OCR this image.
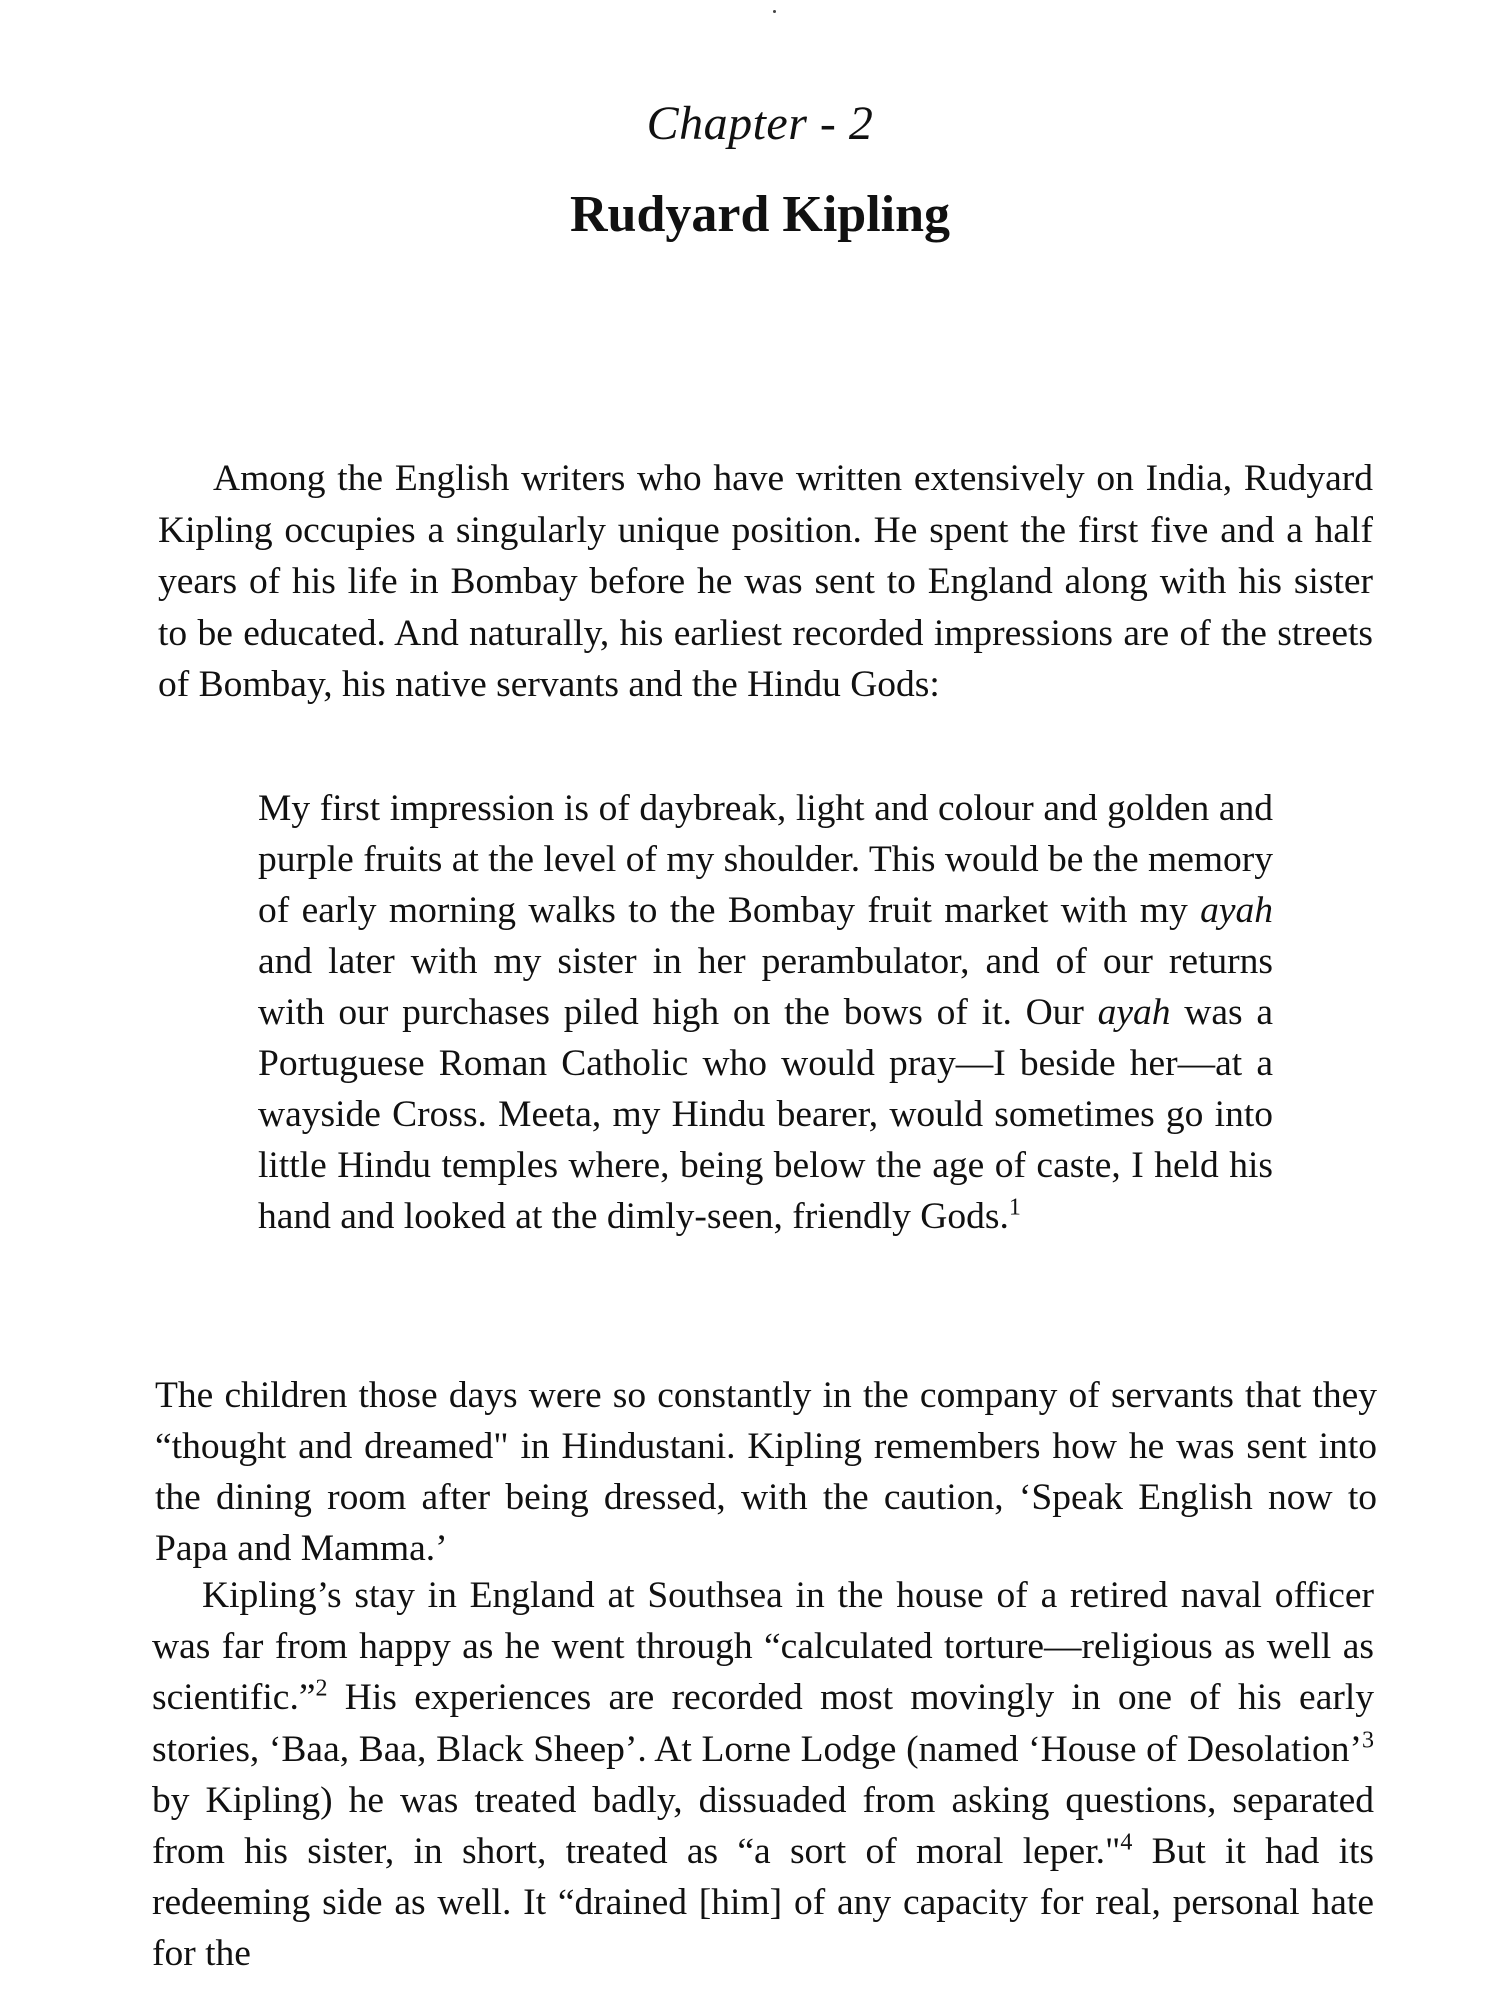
Chapter - 2
Rudyard Kipling

Among the English writers who have written extensively on India, Rudyard Kipling occupies a singularly unique position. He spent the first five and a half years of his life in Bombay before he was sent to England along with his sister to be educated. And naturally, his earliest recorded impressions are of the streets of Bombay, his native servants and the Hindu Gods:

My first impression is of daybreak, light and colour and golden and purple fruits at the level of my shoulder. This would be the memory of early morning walks to the Bombay fruit market with my ayah and later with my sister in her perambulator, and of our returns with our purchases piled high on the bows of it. Our ayah was a Portuguese Roman Catholic who would pray—I beside her—at a wayside Cross. Meeta, my Hindu bearer, would sometimes go into little Hindu temples where, being below the age of caste, I held his hand and looked at the dimly-seen, friendly Gods.$^1$

The children those days were so constantly in the company of servants that they “thought and dreamed" in Hindustani. Kipling remembers how he was sent into the dining room after being dressed, with the caution, ‘Speak English now to Papa and Mamma.’

Kipling’s stay in England at Southsea in the house of a retired naval officer was far from happy as he went through “calculated torture—religious as well as scientific.”$^2$ His experiences are recorded most movingly in one of his early stories, ‘Baa, Baa, Black Sheep’. At Lorne Lodge (named ‘House of Desolation’$^3$ by Kipling) he was treated badly, dissuaded from asking questions, separated from his sister, in short, treated as “a sort of moral leper."$^4$ But it had its redeeming side as well. It “drained [him] of any capacity for real, personal hate for the
